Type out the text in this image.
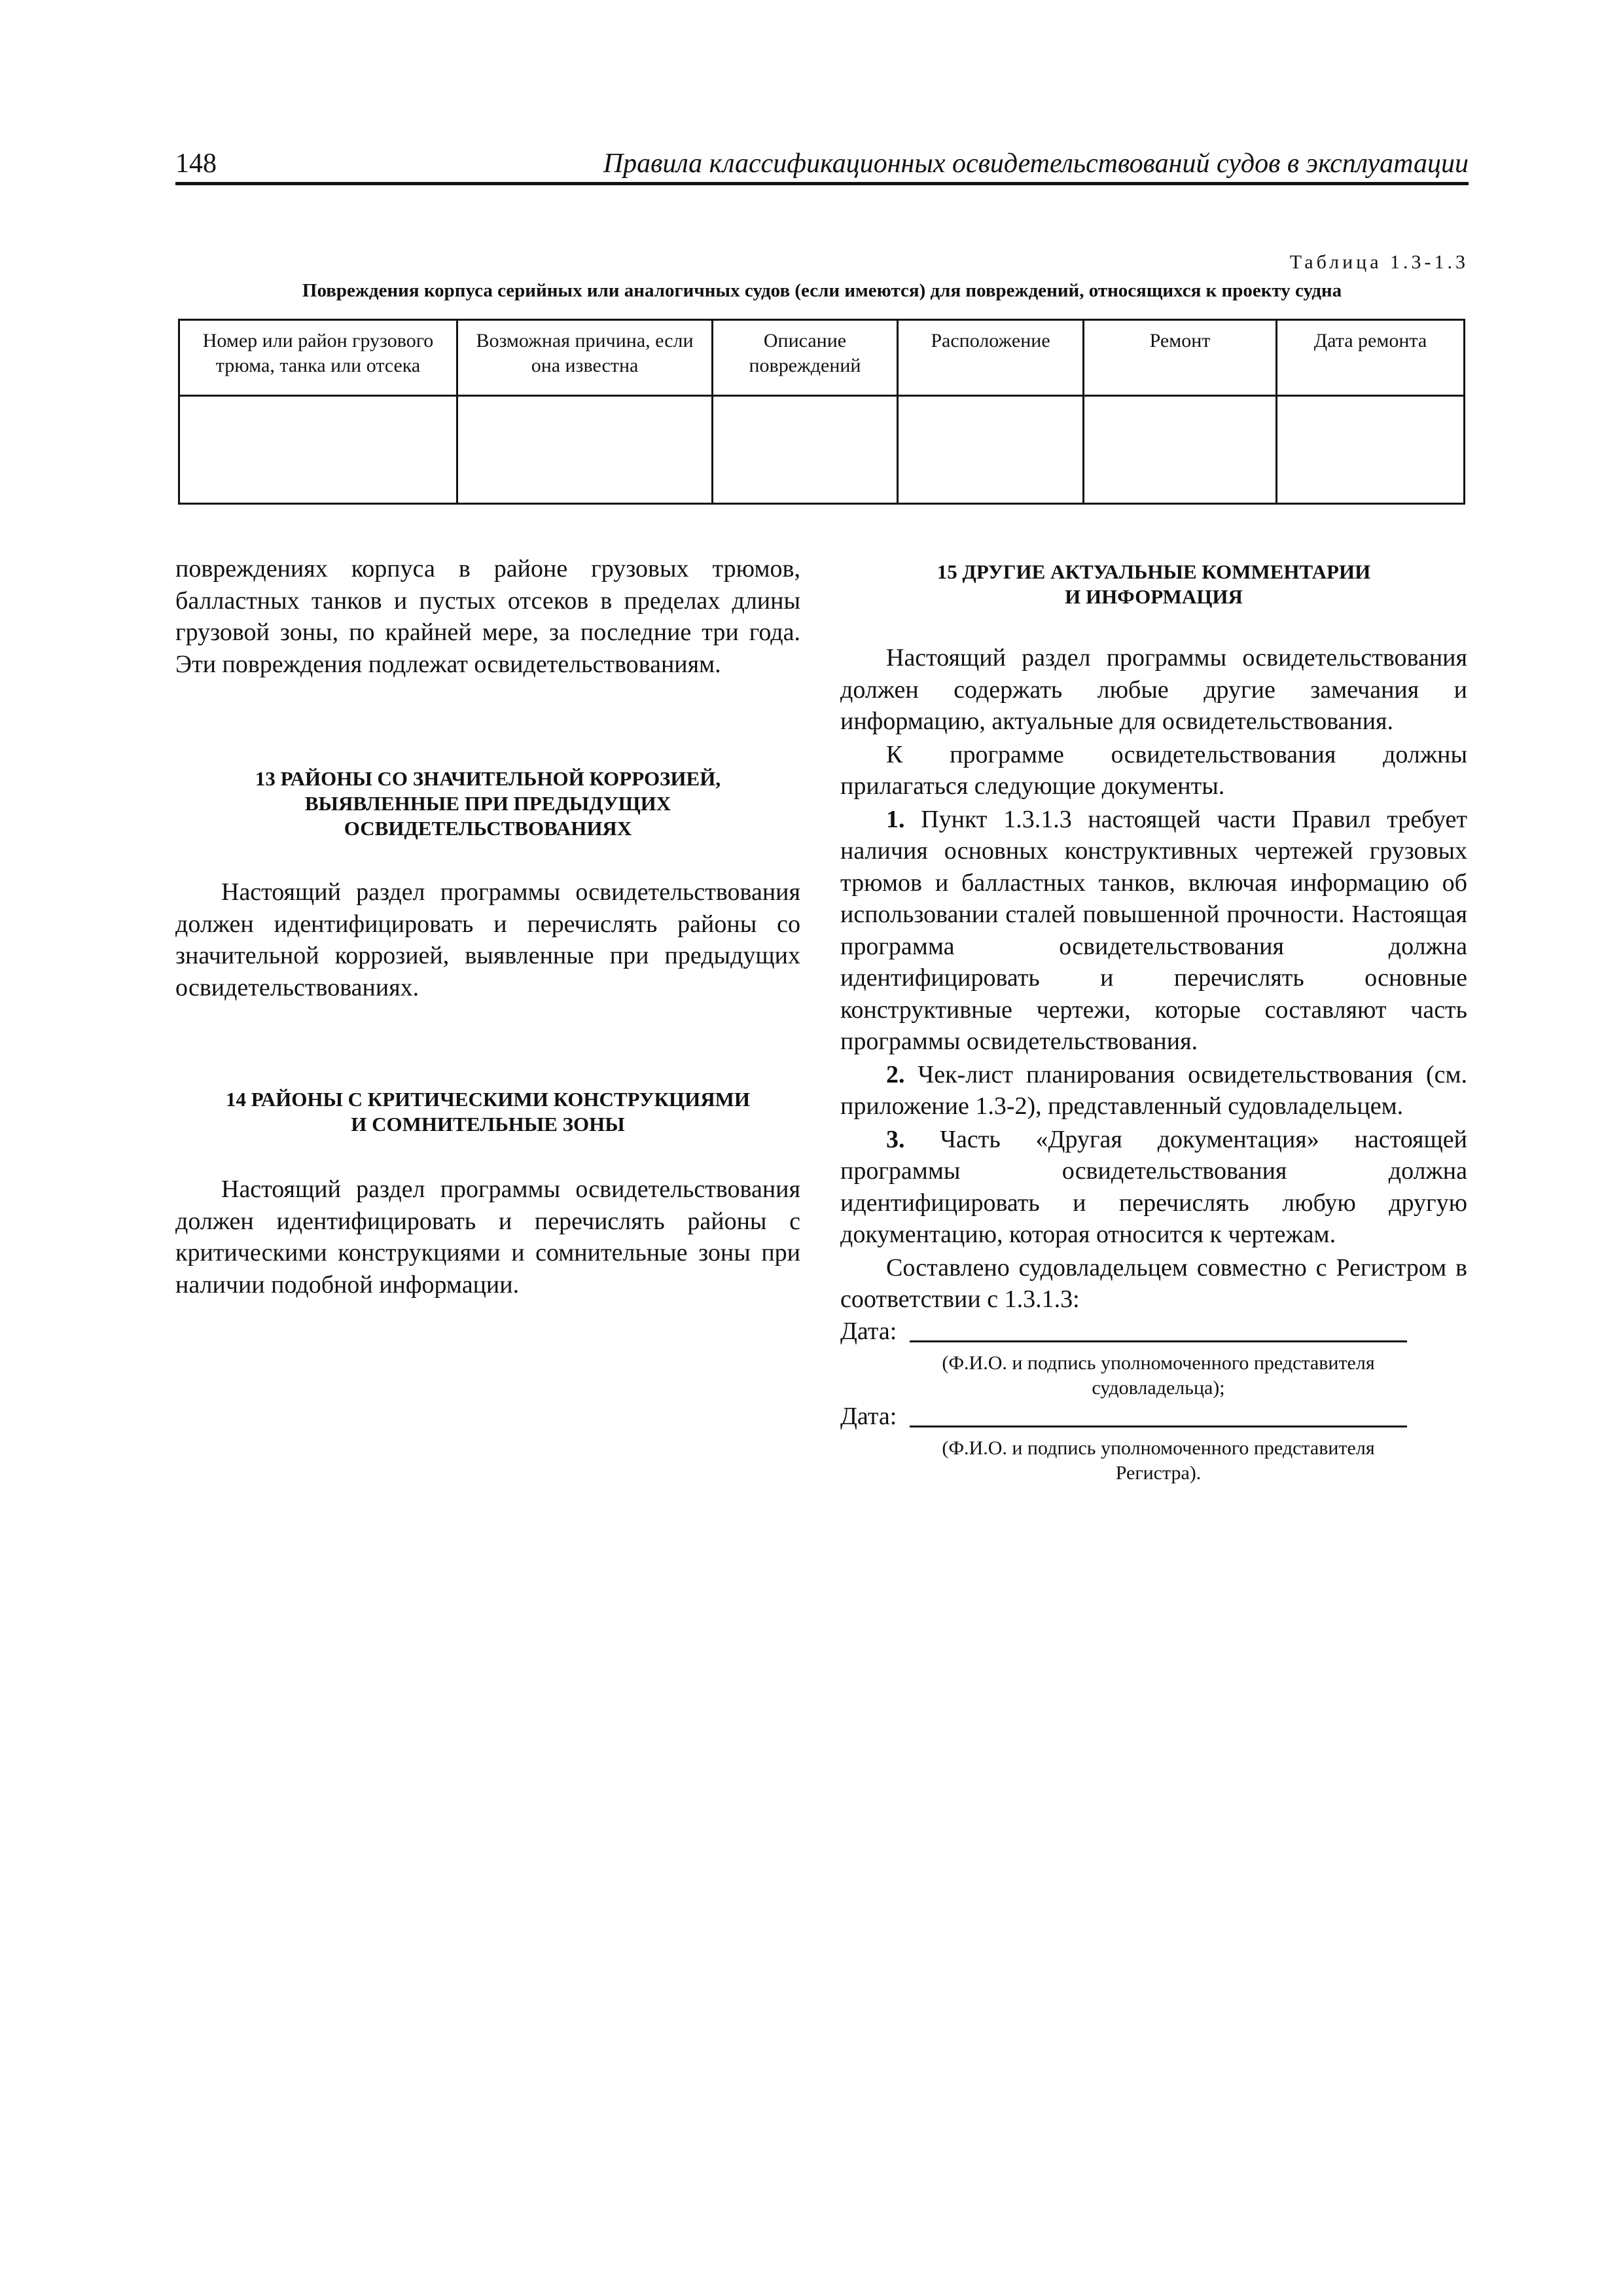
148	Правила классификационных освидетельствований судов в эксплуатации
Таблица 1.3-1.3
Повреждения корпуса серийных или аналогичных судов (если имеются) для повреждений, относящихся к проекту судна
Номер или район грузового трюма, танка или отсека	Возможная причина, если она известна	Описание повреждений	Расположение	Ремонт	Дата ремонта

повреждениях корпуса в районе грузовых трюмов, балластных танков и пустых отсеков в пределах длины грузовой зоны, по крайней мере, за последние три года. Эти повреждения подлежат освидетельствованиям.

13 РАЙОНЫ СО ЗНАЧИТЕЛЬНОЙ КОРРОЗИЕЙ,
ВЫЯВЛЕННЫЕ ПРИ ПРЕДЫДУЩИХ
ОСВИДЕТЕЛЬСТВОВАНИЯХ

Настоящий раздел программы освидетельствования должен идентифицировать и перечислять районы со значительной коррозией, выявленные при предыдущих освидетельствованиях.

14 РАЙОНЫ С КРИТИЧЕСКИМИ КОНСТРУКЦИЯМИ
И СОМНИТЕЛЬНЫЕ ЗОНЫ

Настоящий раздел программы освидетельствования должен идентифицировать и перечислять районы с критическими конструкциями и сомнительные зоны при наличии подобной информации.

15 ДРУГИЕ АКТУАЛЬНЫЕ КОММЕНТАРИИ
И ИНФОРМАЦИЯ

Настоящий раздел программы освидетельствования должен содержать любые другие замечания и информацию, актуальные для освидетельствования.

К программе освидетельствования должны прилагаться следующие документы.

1. Пункт 1.3.1.3 настоящей части Правил требует наличия основных конструктивных чертежей грузовых трюмов и балластных танков, включая информацию об использовании сталей повышенной прочности. Настоящая программа освидетельствования должна идентифицировать и перечислять основные конструктивные чертежи, которые составляют часть программы освидетельствования.

2. Чек-лист планирования освидетельствования (см. приложение 1.3-2), представленный судовладельцем.

3. Часть «Другая документация» настоящей программы освидетельствования должна идентифицировать и перечислять любую другую документацию, которая относится к чертежам.

Составлено судовладельцем совместно с Регистром в соответствии с 1.3.1.3:

Дата:
(Ф.И.О. и подпись уполномоченного представителя
судовладельца);
Дата:
(Ф.И.О. и подпись уполномоченного представителя
Регистра).
